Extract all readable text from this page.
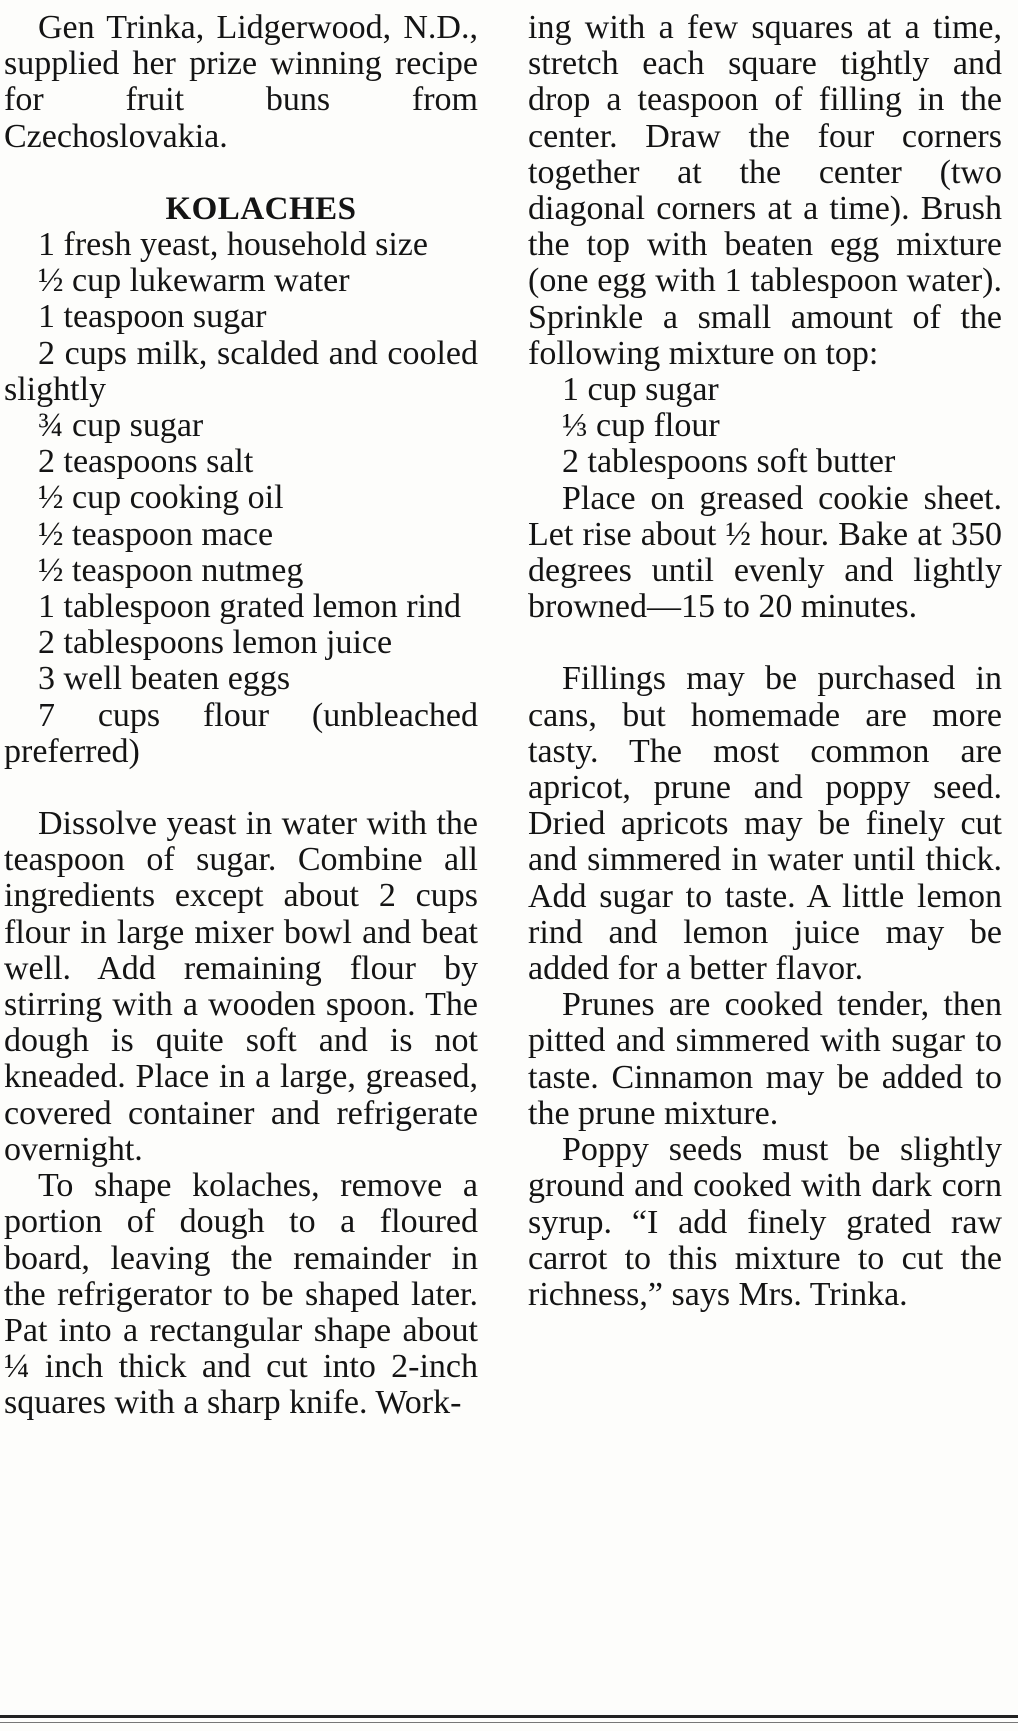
Gen Trinka, Lidgerwood, N.D., supplied her prize winning recipe for fruit buns from Czechoslovakia.

KOLACHES

1 fresh yeast, household size

½ cup lukewarm water

1 teaspoon sugar

2 cups milk, scalded and cooled slightly

¾ cup sugar

2 teaspoons salt

½ cup cooking oil

½ teaspoon mace

½ teaspoon nutmeg

1 tablespoon grated lemon rind

2 tablespoons lemon juice

3 well beaten eggs

7 cups flour (unbleached preferred)

Dissolve yeast in water with the teaspoon of sugar. Combine all ingredients except about 2 cups flour in large mixer bowl and beat well. Add remaining flour by stirring with a wooden spoon. The dough is quite soft and is not kneaded. Place in a large, greased, covered container and refrigerate overnight.

To shape kolaches, remove a portion of dough to a floured board, leaving the remainder in the refrigerator to be shaped later. Pat into a rectangular shape about ¼ inch thick and cut into 2-inch squares with a sharp knife. Work-

ing with a few squares at a time, stretch each square tightly and drop a teaspoon of filling in the center. Draw the four corners together at the center (two diagonal corners at a time). Brush the top with beaten egg mixture (one egg with 1 tablespoon water). Sprinkle a small amount of the following mixture on top:

1 cup sugar

⅓ cup flour

2 tablespoons soft butter

Place on greased cookie sheet. Let rise about ½ hour. Bake at 350 degrees until evenly and lightly browned—15 to 20 minutes.

Fillings may be purchased in cans, but homemade are more tasty. The most common are apricot, prune and poppy seed. Dried apricots may be finely cut and simmered in water until thick. Add sugar to taste. A little lemon rind and lemon juice may be added for a better flavor.

Prunes are cooked tender, then pitted and simmered with sugar to taste. Cinnamon may be added to the prune mixture.

Poppy seeds must be slightly ground and cooked with dark corn syrup. “I add finely grated raw carrot to this mixture to cut the richness,” says Mrs. Trinka.
